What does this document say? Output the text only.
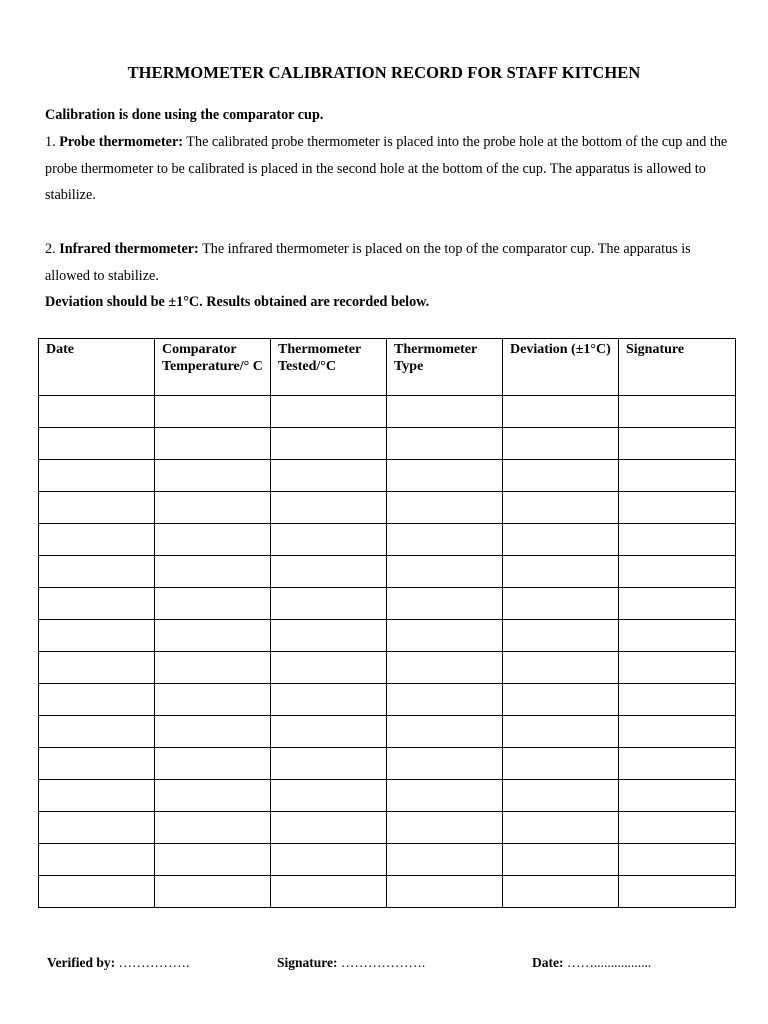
THERMOMETER CALIBRATION RECORD FOR STAFF KITCHEN

Calibration is done using the comparator cup.

1. Probe thermometer: The calibrated probe thermometer is placed into the probe hole at the bottom of the cup and the probe thermometer to be calibrated is placed in the second hole at the bottom of the cup. The apparatus is allowed to stabilize.

2. Infrared thermometer: The infrared thermometer is placed on the top of the comparator cup. The apparatus is allowed to stabilize.

Deviation should be ±1°C. Results obtained are recorded below.

Date	Comparator Temperature/° C	Thermometer Tested/°C	Thermometer Type	Deviation (±1°C)	Signature

Verified by: …………….	Signature: ……………….	Date: …….................
